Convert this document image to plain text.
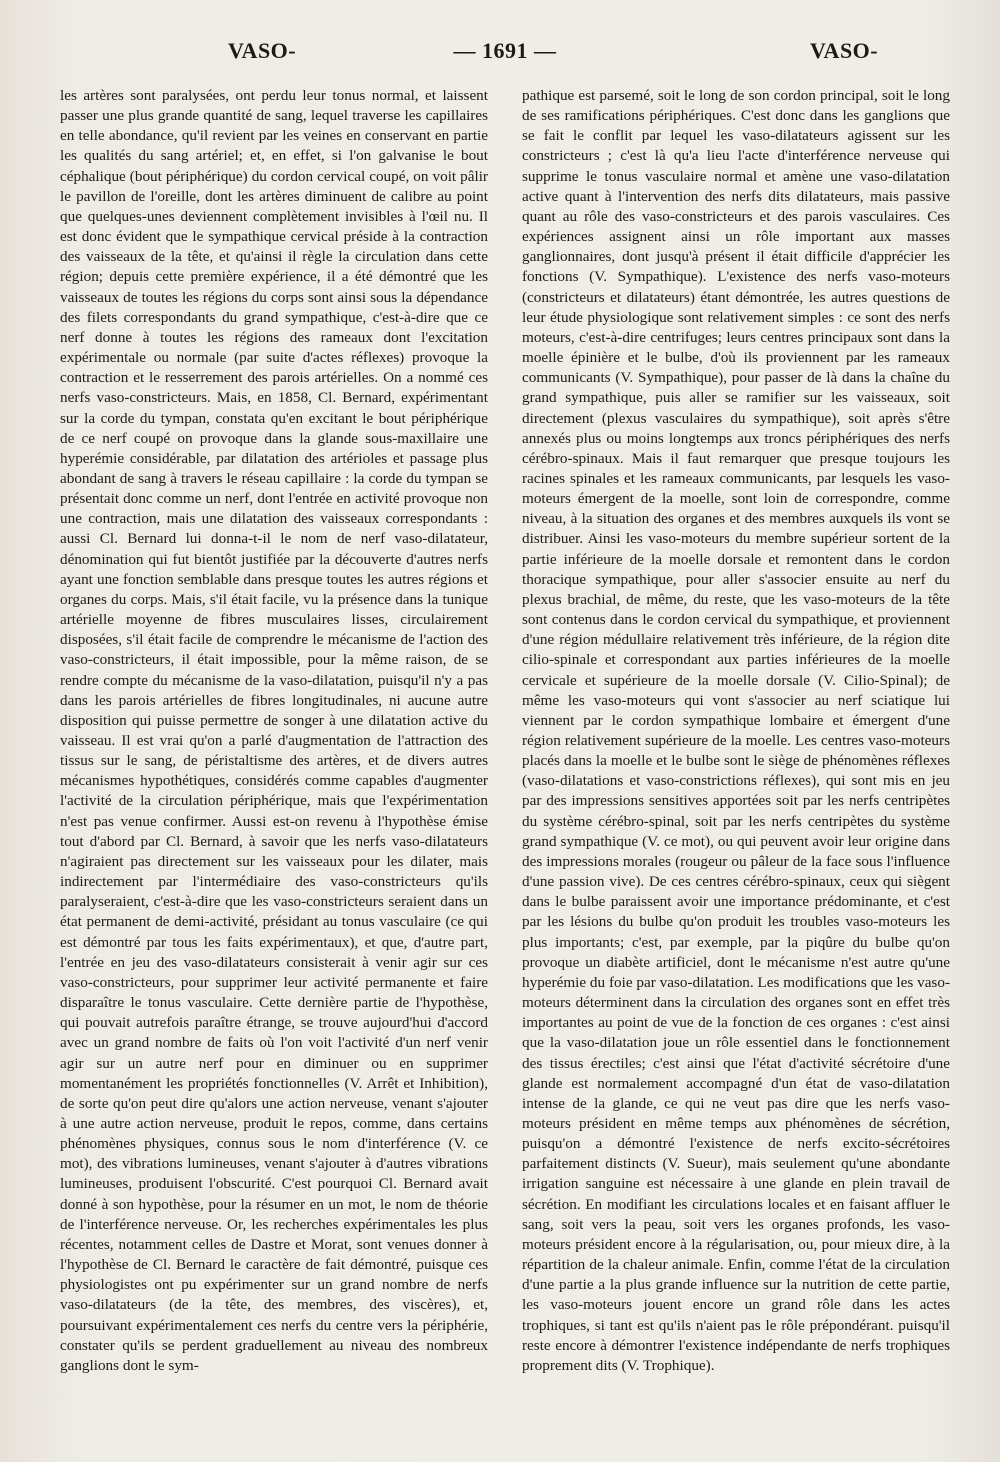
VASO-	— 1691 —	VASO-

les artères sont paralysées, ont perdu leur tonus normal, et laissent passer une plus grande quantité de sang, lequel traverse les capillaires en telle abondance, qu'il revient par les veines en conservant en partie les qualités du sang artériel; et, en effet, si l'on galvanise le bout céphalique (bout périphérique) du cordon cervical coupé, on voit pâlir le pavillon de l'oreille, dont les artères diminuent de calibre au point que quelques-unes deviennent complètement invisibles à l'œil nu. Il est donc évident que le sympathique cervical préside à la contraction des vaisseaux de la tête, et qu'ainsi il règle la circulation dans cette région; depuis cette première expérience, il a été démontré que les vaisseaux de toutes les régions du corps sont ainsi sous la dépendance des filets correspondants du grand sympathique, c'est-à-dire que ce nerf donne à toutes les régions des rameaux dont l'excitation expérimentale ou normale (par suite d'actes réflexes) provoque la contraction et le resserrement des parois artérielles. On a nommé ces nerfs vaso-constricteurs. Mais, en 1858, Cl. Bernard, expérimentant sur la corde du tympan, constata qu'en excitant le bout périphérique de ce nerf coupé on provoque dans la glande sous-maxillaire une hyperémie considérable, par dilatation des artérioles et passage plus abondant de sang à travers le réseau capillaire : la corde du tympan se présentait donc comme un nerf, dont l'entrée en activité provoque non une contraction, mais une dilatation des vaisseaux correspondants : aussi Cl. Bernard lui donna-t-il le nom de nerf vaso-dilatateur, dénomination qui fut bientôt justifiée par la découverte d'autres nerfs ayant une fonction semblable dans presque toutes les autres régions et organes du corps. Mais, s'il était facile, vu la présence dans la tunique artérielle moyenne de fibres musculaires lisses, circulairement disposées, s'il était facile de comprendre le mécanisme de l'action des vaso-constricteurs, il était impossible, pour la même raison, de se rendre compte du mécanisme de la vaso-dilatation, puisqu'il n'y a pas dans les parois artérielles de fibres longitudinales, ni aucune autre disposition qui puisse permettre de songer à une dilatation active du vaisseau. Il est vrai qu'on a parlé d'augmentation de l'attraction des tissus sur le sang, de péristaltisme des artères, et de divers autres mécanismes hypothétiques, considérés comme capables d'augmenter l'activité de la circulation périphérique, mais que l'expérimentation n'est pas venue confirmer. Aussi est-on revenu à l'hypothèse émise tout d'abord par Cl. Bernard, à savoir que les nerfs vaso-dilatateurs n'agiraient pas directement sur les vaisseaux pour les dilater, mais indirectement par l'intermédiaire des vaso-constricteurs qu'ils paralyseraient, c'est-à-dire que les vaso-constricteurs seraient dans un état permanent de demi-activité, présidant au tonus vasculaire (ce qui est démontré par tous les faits expérimentaux), et que, d'autre part, l'entrée en jeu des vaso-dilatateurs consisterait à venir agir sur ces vaso-constricteurs, pour supprimer leur activité permanente et faire disparaître le tonus vasculaire. Cette dernière partie de l'hypothèse, qui pouvait autrefois paraître étrange, se trouve aujourd'hui d'accord avec un grand nombre de faits où l'on voit l'activité d'un nerf venir agir sur un autre nerf pour en diminuer ou en supprimer momentanément les propriétés fonctionnelles (V. Arrêt et Inhibition), de sorte qu'on peut dire qu'alors une action nerveuse, venant s'ajouter à une autre action nerveuse, produit le repos, comme, dans certains phénomènes physiques, connus sous le nom d'interférence (V. ce mot), des vibrations lumineuses, venant s'ajouter à d'autres vibrations lumineuses, produisent l'obscurité. C'est pourquoi Cl. Bernard avait donné à son hypothèse, pour la résumer en un mot, le nom de théorie de l'interférence nerveuse. Or, les recherches expérimentales les plus récentes, notamment celles de Dastre et Morat, sont venues donner à l'hypothèse de Cl. Bernard le caractère de fait démontré, puisque ces physiologistes ont pu expérimenter sur un grand nombre de nerfs vaso-dilatateurs (de la tête, des membres, des viscères), et, poursuivant expérimentalement ces nerfs du centre vers la périphérie, constater qu'ils se perdent graduellement au niveau des nombreux ganglions dont le sym-

pathique est parsemé, soit le long de son cordon principal, soit le long de ses ramifications périphériques. C'est donc dans les ganglions que se fait le conflit par lequel les vaso-dilatateurs agissent sur les constricteurs ; c'est là qu'a lieu l'acte d'interférence nerveuse qui supprime le tonus vasculaire normal et amène une vaso-dilatation active quant à l'intervention des nerfs dits dilatateurs, mais passive quant au rôle des vaso-constricteurs et des parois vasculaires. Ces expériences assignent ainsi un rôle important aux masses ganglionnaires, dont jusqu'à présent il était difficile d'apprécier les fonctions (V. Sympathique). L'existence des nerfs vaso-moteurs (constricteurs et dilatateurs) étant démontrée, les autres questions de leur étude physiologique sont relativement simples : ce sont des nerfs moteurs, c'est-à-dire centrifuges; leurs centres principaux sont dans la moelle épinière et le bulbe, d'où ils proviennent par les rameaux communicants (V. Sympathique), pour passer de là dans la chaîne du grand sympathique, puis aller se ramifier sur les vaisseaux, soit directement (plexus vasculaires du sympathique), soit après s'être annexés plus ou moins longtemps aux troncs périphériques des nerfs cérébro-spinaux. Mais il faut remarquer que presque toujours les racines spinales et les rameaux communicants, par lesquels les vaso-moteurs émergent de la moelle, sont loin de correspondre, comme niveau, à la situation des organes et des membres auxquels ils vont se distribuer. Ainsi les vaso-moteurs du membre supérieur sortent de la partie inférieure de la moelle dorsale et remontent dans le cordon thoracique sympathique, pour aller s'associer ensuite au nerf du plexus brachial, de même, du reste, que les vaso-moteurs de la tête sont contenus dans le cordon cervical du sympathique, et proviennent d'une région médullaire relativement très inférieure, de la région dite cilio-spinale et correspondant aux parties inférieures de la moelle cervicale et supérieure de la moelle dorsale (V. Cilio-Spinal); de même les vaso-moteurs qui vont s'associer au nerf sciatique lui viennent par le cordon sympathique lombaire et émergent d'une région relativement supérieure de la moelle. Les centres vaso-moteurs placés dans la moelle et le bulbe sont le siège de phénomènes réflexes (vaso-dilatations et vaso-constrictions réflexes), qui sont mis en jeu par des impressions sensitives apportées soit par les nerfs centripètes du système cérébro-spinal, soit par les nerfs centripètes du système grand sympathique (V. ce mot), ou qui peuvent avoir leur origine dans des impressions morales (rougeur ou pâleur de la face sous l'influence d'une passion vive). De ces centres cérébro-spinaux, ceux qui siègent dans le bulbe paraissent avoir une importance prédominante, et c'est par les lésions du bulbe qu'on produit les troubles vaso-moteurs les plus importants; c'est, par exemple, par la piqûre du bulbe qu'on provoque un diabète artificiel, dont le mécanisme n'est autre qu'une hyperémie du foie par vaso-dilatation. Les modifications que les vaso-moteurs déterminent dans la circulation des organes sont en effet très importantes au point de vue de la fonction de ces organes : c'est ainsi que la vaso-dilatation joue un rôle essentiel dans le fonctionnement des tissus érectiles; c'est ainsi que l'état d'activité sécrétoire d'une glande est normalement accompagné d'un état de vaso-dilatation intense de la glande, ce qui ne veut pas dire que les nerfs vaso-moteurs président en même temps aux phénomènes de sécrétion, puisqu'on a démontré l'existence de nerfs excito-sécrétoires parfaitement distincts (V. Sueur), mais seulement qu'une abondante irrigation sanguine est nécessaire à une glande en plein travail de sécrétion. En modifiant les circulations locales et en faisant affluer le sang, soit vers la peau, soit vers les organes profonds, les vaso-moteurs président encore à la régularisation, ou, pour mieux dire, à la répartition de la chaleur animale. Enfin, comme l'état de la circulation d'une partie a la plus grande influence sur la nutrition de cette partie, les vaso-moteurs jouent encore un grand rôle dans les actes trophiques, si tant est qu'ils n'aient pas le rôle prépondérant. puisqu'il reste encore à démontrer l'existence indépendante de nerfs trophiques proprement dits (V. Trophique).
